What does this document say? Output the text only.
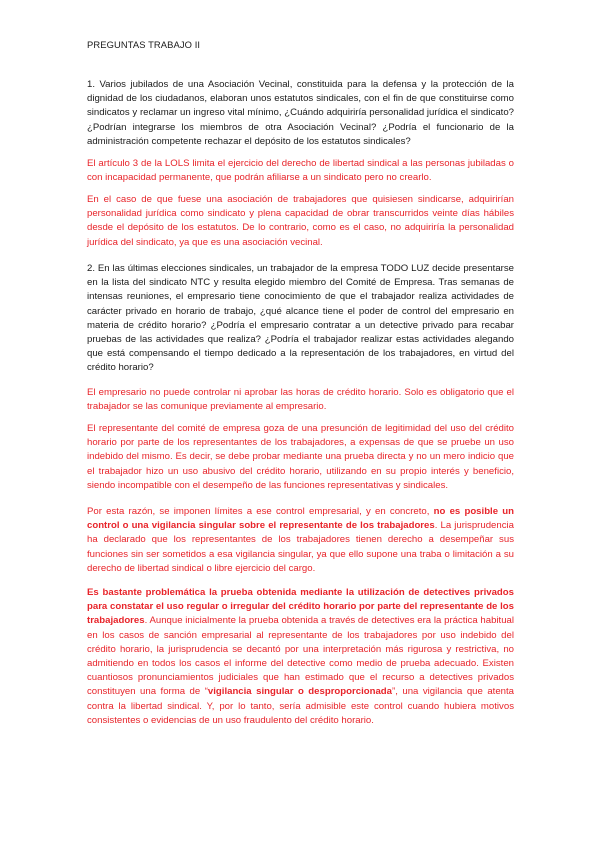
PREGUNTAS TRABAJO II

1. Varios jubilados de una Asociación Vecinal, constituida para la defensa y la protección de la dignidad de los ciudadanos, elaboran unos estatutos sindicales, con el fin de que constituirse como sindicatos y reclamar un ingreso vital mínimo, ¿Cuándo adquiriría personalidad jurídica el sindicato? ¿Podrían integrarse los miembros de otra Asociación Vecinal? ¿Podría el funcionario de la administración competente rechazar el depósito de los estatutos sindicales?

El artículo 3 de la LOLS limita el ejercicio del derecho de libertad sindical a las personas jubiladas o con incapacidad permanente, que podrán afiliarse a un sindicato pero no crearlo.

En el caso de que fuese una asociación de trabajadores que quisiesen sindicarse, adquirirían personalidad jurídica como sindicato y plena capacidad de obrar transcurridos veinte días hábiles desde el depósito de los estatutos. De lo contrario, como es el caso, no adquiriría la personalidad jurídica del sindicato, ya que es una asociación vecinal.

2. En las últimas elecciones sindicales, un trabajador de la empresa TODO LUZ decide presentarse en la lista del sindicato NTC y resulta elegido miembro del Comité de Empresa. Tras semanas de intensas reuniones, el empresario tiene conocimiento de que el trabajador realiza actividades de carácter privado en horario de trabajo, ¿qué alcance tiene el poder de control del empresario en materia de crédito horario? ¿Podría el empresario contratar a un detective privado para recabar pruebas de las actividades que realiza? ¿Podría el trabajador realizar estas actividades alegando que está compensando el tiempo dedicado a la representación de los trabajadores, en virtud del crédito horario?

El empresario no puede controlar ni aprobar las horas de crédito horario. Solo es obligatorio que el trabajador se las comunique previamente al empresario.

El representante del comité de empresa goza de una presunción de legitimidad del uso del crédito horario por parte de los representantes de los trabajadores, a expensas de que se pruebe un uso indebido del mismo. Es decir, se debe probar mediante una prueba directa y no un mero indicio que el trabajador hizo un uso abusivo del crédito horario, utilizando en su propio interés y beneficio, siendo incompatible con el desempeño de las funciones representativas y sindicales.

Por esta razón, se imponen límites a ese control empresarial, y en concreto, no es posible un control o una vigilancia singular sobre el representante de los trabajadores. La jurisprudencia ha declarado que los representantes de los trabajadores tienen derecho a desempeñar sus funciones sin ser sometidos a esa vigilancia singular, ya que ello supone una traba o limitación a su derecho de libertad sindical o libre ejercicio del cargo.

Es bastante problemática la prueba obtenida mediante la utilización de detectives privados para constatar el uso regular o irregular del crédito horario por parte del representante de los trabajadores. Aunque inicialmente la prueba obtenida a través de detectives era la práctica habitual en los casos de sanción empresarial al representante de los trabajadores por uso indebido del crédito horario, la jurisprudencia se decantó por una interpretación más rigurosa y restrictiva, no admitiendo en todos los casos el informe del detective como medio de prueba adecuado. Existen cuantiosos pronunciamientos judiciales que han estimado que el recurso a detectives privados constituyen una forma de “vigilancia singular o desproporcionada”, una vigilancia que atenta contra la libertad sindical. Y, por lo tanto, sería admisible este control cuando hubiera motivos consistentes o evidencias de un uso fraudulento del crédito horario.
